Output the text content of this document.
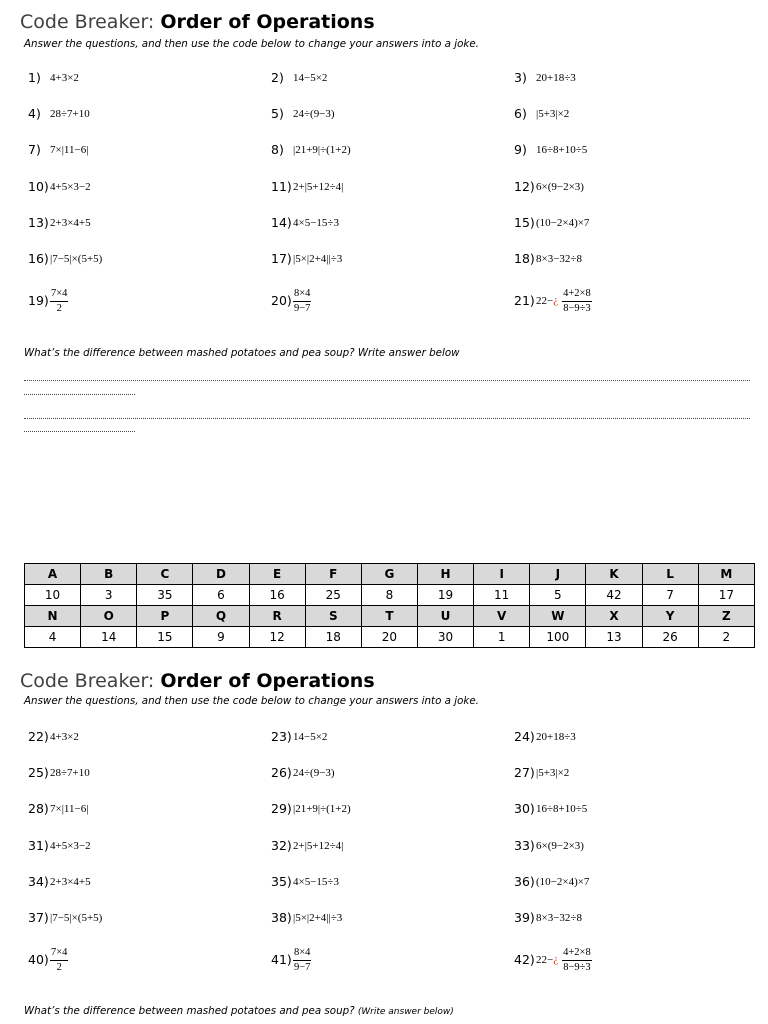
Code Breaker: Order of Operations
Answer the questions, and then use the code below to change your answers into a joke.
1) 4+3×2	2) 14−5×2	3) 20+18÷3
4) 28÷7+10	5) 24÷(9−3)	6) |5+3|×2
7) 7×|11−6|	8) |21+9|÷(1+2)	9) 16÷8+10÷5
10) 4+5×3−2	11) 2+|5+12÷4|	12) 6×(9−2×3)
13) 2+3×4+5	14) 4×5−15÷3	15) (10−2×4)×7
16) |7−5|×(5+5)	17) |5×|2+4||÷3	18) 8×3−32÷8
$19) \frac{7\times 4}{2}$	$20) \frac{8\times 4}{9-7}$	21) 22− ¿ $\frac{4+2\times 8}{8-9\div 3}$
What’s the difference between mashed potatoes and pea soup? Write answer below
A	B	C	D	E	F	G	H	I	J	K	L	M
10	3	35	6	16	25	8	19	11	5	42	7	17
N	O	P	Q	R	S	T	U	V	W	X	Y	Z
4	14	15	9	12	18	20	30	1	100	13	26	2
Code Breaker: Order of Operations
Answer the questions, and then use the code below to change your answers into a joke.
22) 4+3×2	23) 14−5×2	24) 20+18÷3
25) 28÷7+10	26) 24÷(9−3)	27) |5+3|×2
28) 7×|11−6|	29) |21+9|÷(1+2)	30) 16÷8+10÷5
31) 4+5×3−2	32) 2+|5+12÷4|	33) 6×(9−2×3)
34) 2+3×4+5	35) 4×5−15÷3	36) (10−2×4)×7
37) |7−5|×(5+5)	38) |5×|2+4||÷3	39) 8×3−32÷8
$40) \frac{7\times 4}{2}$	$41) \frac{8\times 4}{9-7}$	42) 22− ¿ $\frac{4+2\times 8}{8-9\div 3}$
What’s the difference between mashed potatoes and pea soup? (Write answer below)
